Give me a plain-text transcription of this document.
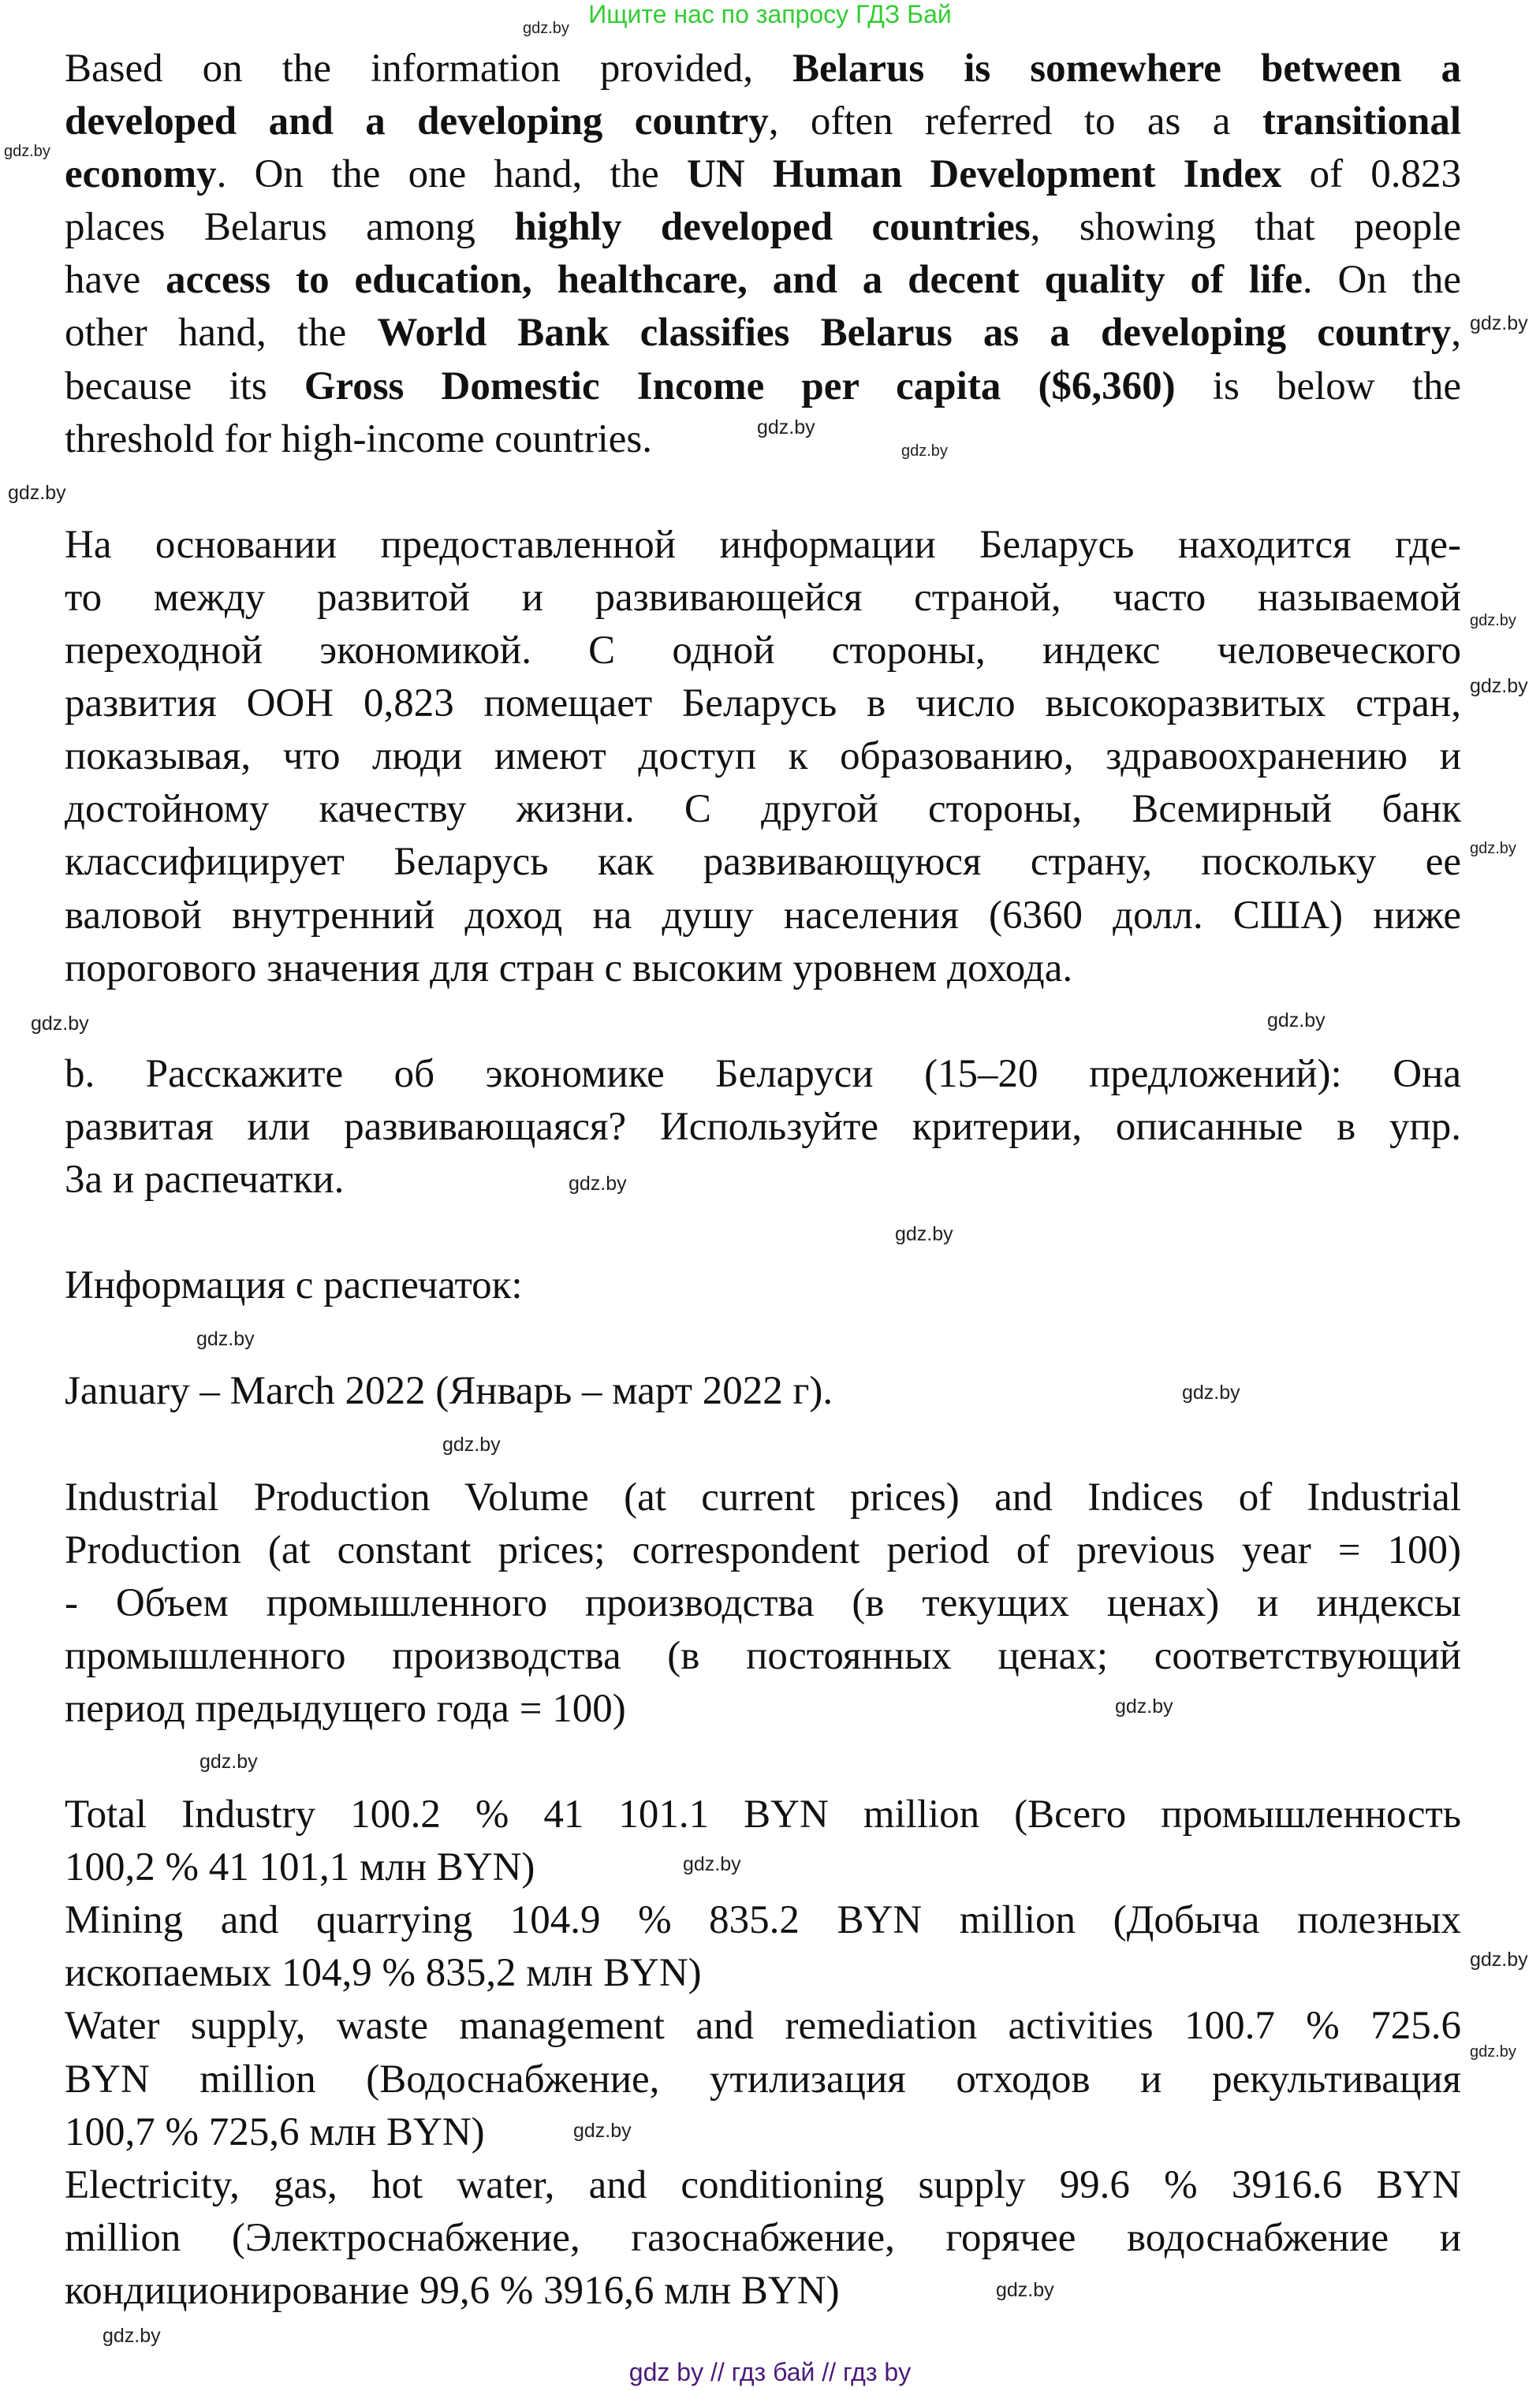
Ищите нас по запросу ГДЗ Бай
Based on the information provided, Belarus is somewhere between a
developed and a developing country, often referred to as a transitional
economy. On the one hand, the UN Human Development Index of 0.823
places Belarus among highly developed countries, showing that people
have access to education, healthcare, and a decent quality of life. On the
other hand, the World Bank classifies Belarus as a developing country,
because its Gross Domestic Income per capita ($6,360) is below the
threshold for high-income countries.
На основании предоставленной информации Беларусь находится где-
то между развитой и развивающейся страной, часто называемой
переходной экономикой. С одной стороны, индекс человеческого
развития ООН 0,823 помещает Беларусь в число высокоразвитых стран,
показывая, что люди имеют доступ к образованию, здравоохранению и
достойному качеству жизни. С другой стороны, Всемирный банк
классифицирует Беларусь как развивающуюся страну, поскольку ее
валовой внутренний доход на душу населения (6360 долл. США) ниже
порогового значения для стран с высоким уровнем дохода.
b. Расскажите об экономике Беларуси (15–20 предложений): Она
развитая или развивающаяся? Используйте критерии, описанные в упр.
3а и распечатки.
Информация с распечаток:
January – March 2022 (Январь – март 2022 г).
Industrial Production Volume (at current prices) and Indices of Industrial
Production (at constant prices; correspondent period of previous year = 100)
- Объем промышленного производства (в текущих ценах) и индексы
промышленного производства (в постоянных ценах; соответствующий
период предыдущего года = 100)
Total Industry 100.2 % 41 101.1 BYN million (Всего промышленность
100,2 % 41 101,1 млн BYN)
Mining and quarrying 104.9 % 835.2 BYN million (Добыча полезных
ископаемых 104,9 % 835,2 млн BYN)
Water supply, waste management and remediation activities 100.7 % 725.6
BYN million (Водоснабжение, утилизация отходов и рекультивация
100,7 % 725,6 млн BYN)
Electricity, gas, hot water, and conditioning supply 99.6 % 3916.6 BYN
million (Электроснабжение, газоснабжение, горячее водоснабжение и
кондиционирование 99,6 % 3916,6 млн BYN)
gdz.by
gdz.by
gdz.by
gdz.by
gdz.by
gdz.by
gdz.by
gdz.by
gdz.by
gdz.by
gdz.by
gdz.by
gdz.by
gdz.by
gdz.by
gdz.by
gdz.by
gdz.by
gdz.by
gdz.by
gdz.by
gdz.by
gdz.by
gdz.by
gdz by // гдз бай // гдз by
